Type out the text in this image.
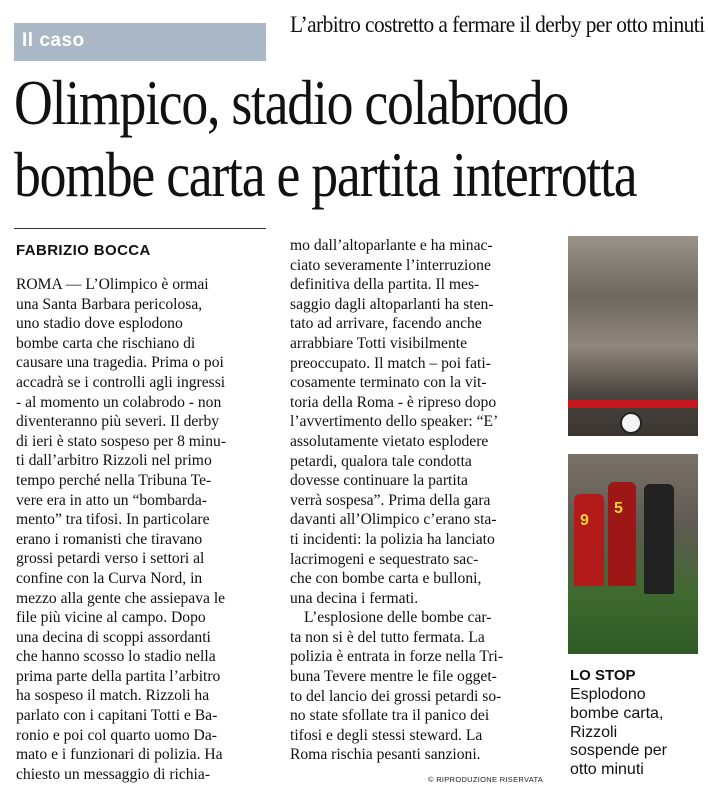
Il caso
L’arbitro costretto a fermare il derby per otto minuti
Olimpico, stadio colabrodo
bombe carta e partita interrotta
FABRIZIO BOCCA
ROMA — L’Olimpico è ormai
una Santa Barbara pericolosa,
uno stadio dove esplodono
bombe carta che rischiano di
causare una tragedia. Prima o poi
accadrà se i controlli agli ingressi
- al momento un colabrodo - non
diventeranno più severi. Il derby
di ieri è stato sospeso per 8 minu-
ti dall’arbitro Rizzoli nel primo
tempo perché nella Tribuna Te-
vere era in atto un “bombarda-
mento” tra tifosi. In particolare
erano i romanisti che tiravano
grossi petardi verso i settori al
confine con la Curva Nord, in
mezzo alla gente che assiepava le
file più vicine al campo. Dopo
una decina di scoppi assordanti
che hanno scosso lo stadio nella
prima parte della partita l’arbitro
ha sospeso il match. Rizzoli ha
parlato con i capitani Totti e Ba-
ronio e poi col quarto uomo Da-
mato e i funzionari di polizia. Ha
chiesto un messaggio di richia-
mo dall’altoparlante e ha minac-
ciato severamente l’interruzione
definitiva della partita. Il mes-
saggio dagli altoparlanti ha sten-
tato ad arrivare, facendo anche
arrabbiare Totti visibilmente
preoccupato. Il match – poi fati-
cosamente terminato con la vit-
toria della Roma - è ripreso dopo
l’avvertimento dello speaker: “E’
assolutamente vietato esplodere
petardi, qualora tale condotta
dovesse continuare la partita
verrà sospesa”. Prima della gara
davanti all’Olimpico c’erano sta-
ti incidenti: la polizia ha lanciato
lacrimogeni e sequestrato sac-
che con bombe carta e bulloni,
una decina i fermati.
L’esplosione delle bombe car-
ta non si è del tutto fermata. La
polizia è entrata in forze nella Tri-
buna Tevere mentre le file ogget-
to del lancio dei grossi petardi so-
no state sfollate tra il panico dei
tifosi e degli stessi steward. La
Roma rischia pesanti sanzioni.
© RIPRODUZIONE RISERVATA
9
5
LO STOP
Esplodono
bombe carta,
Rizzoli
sospende per
otto minuti
